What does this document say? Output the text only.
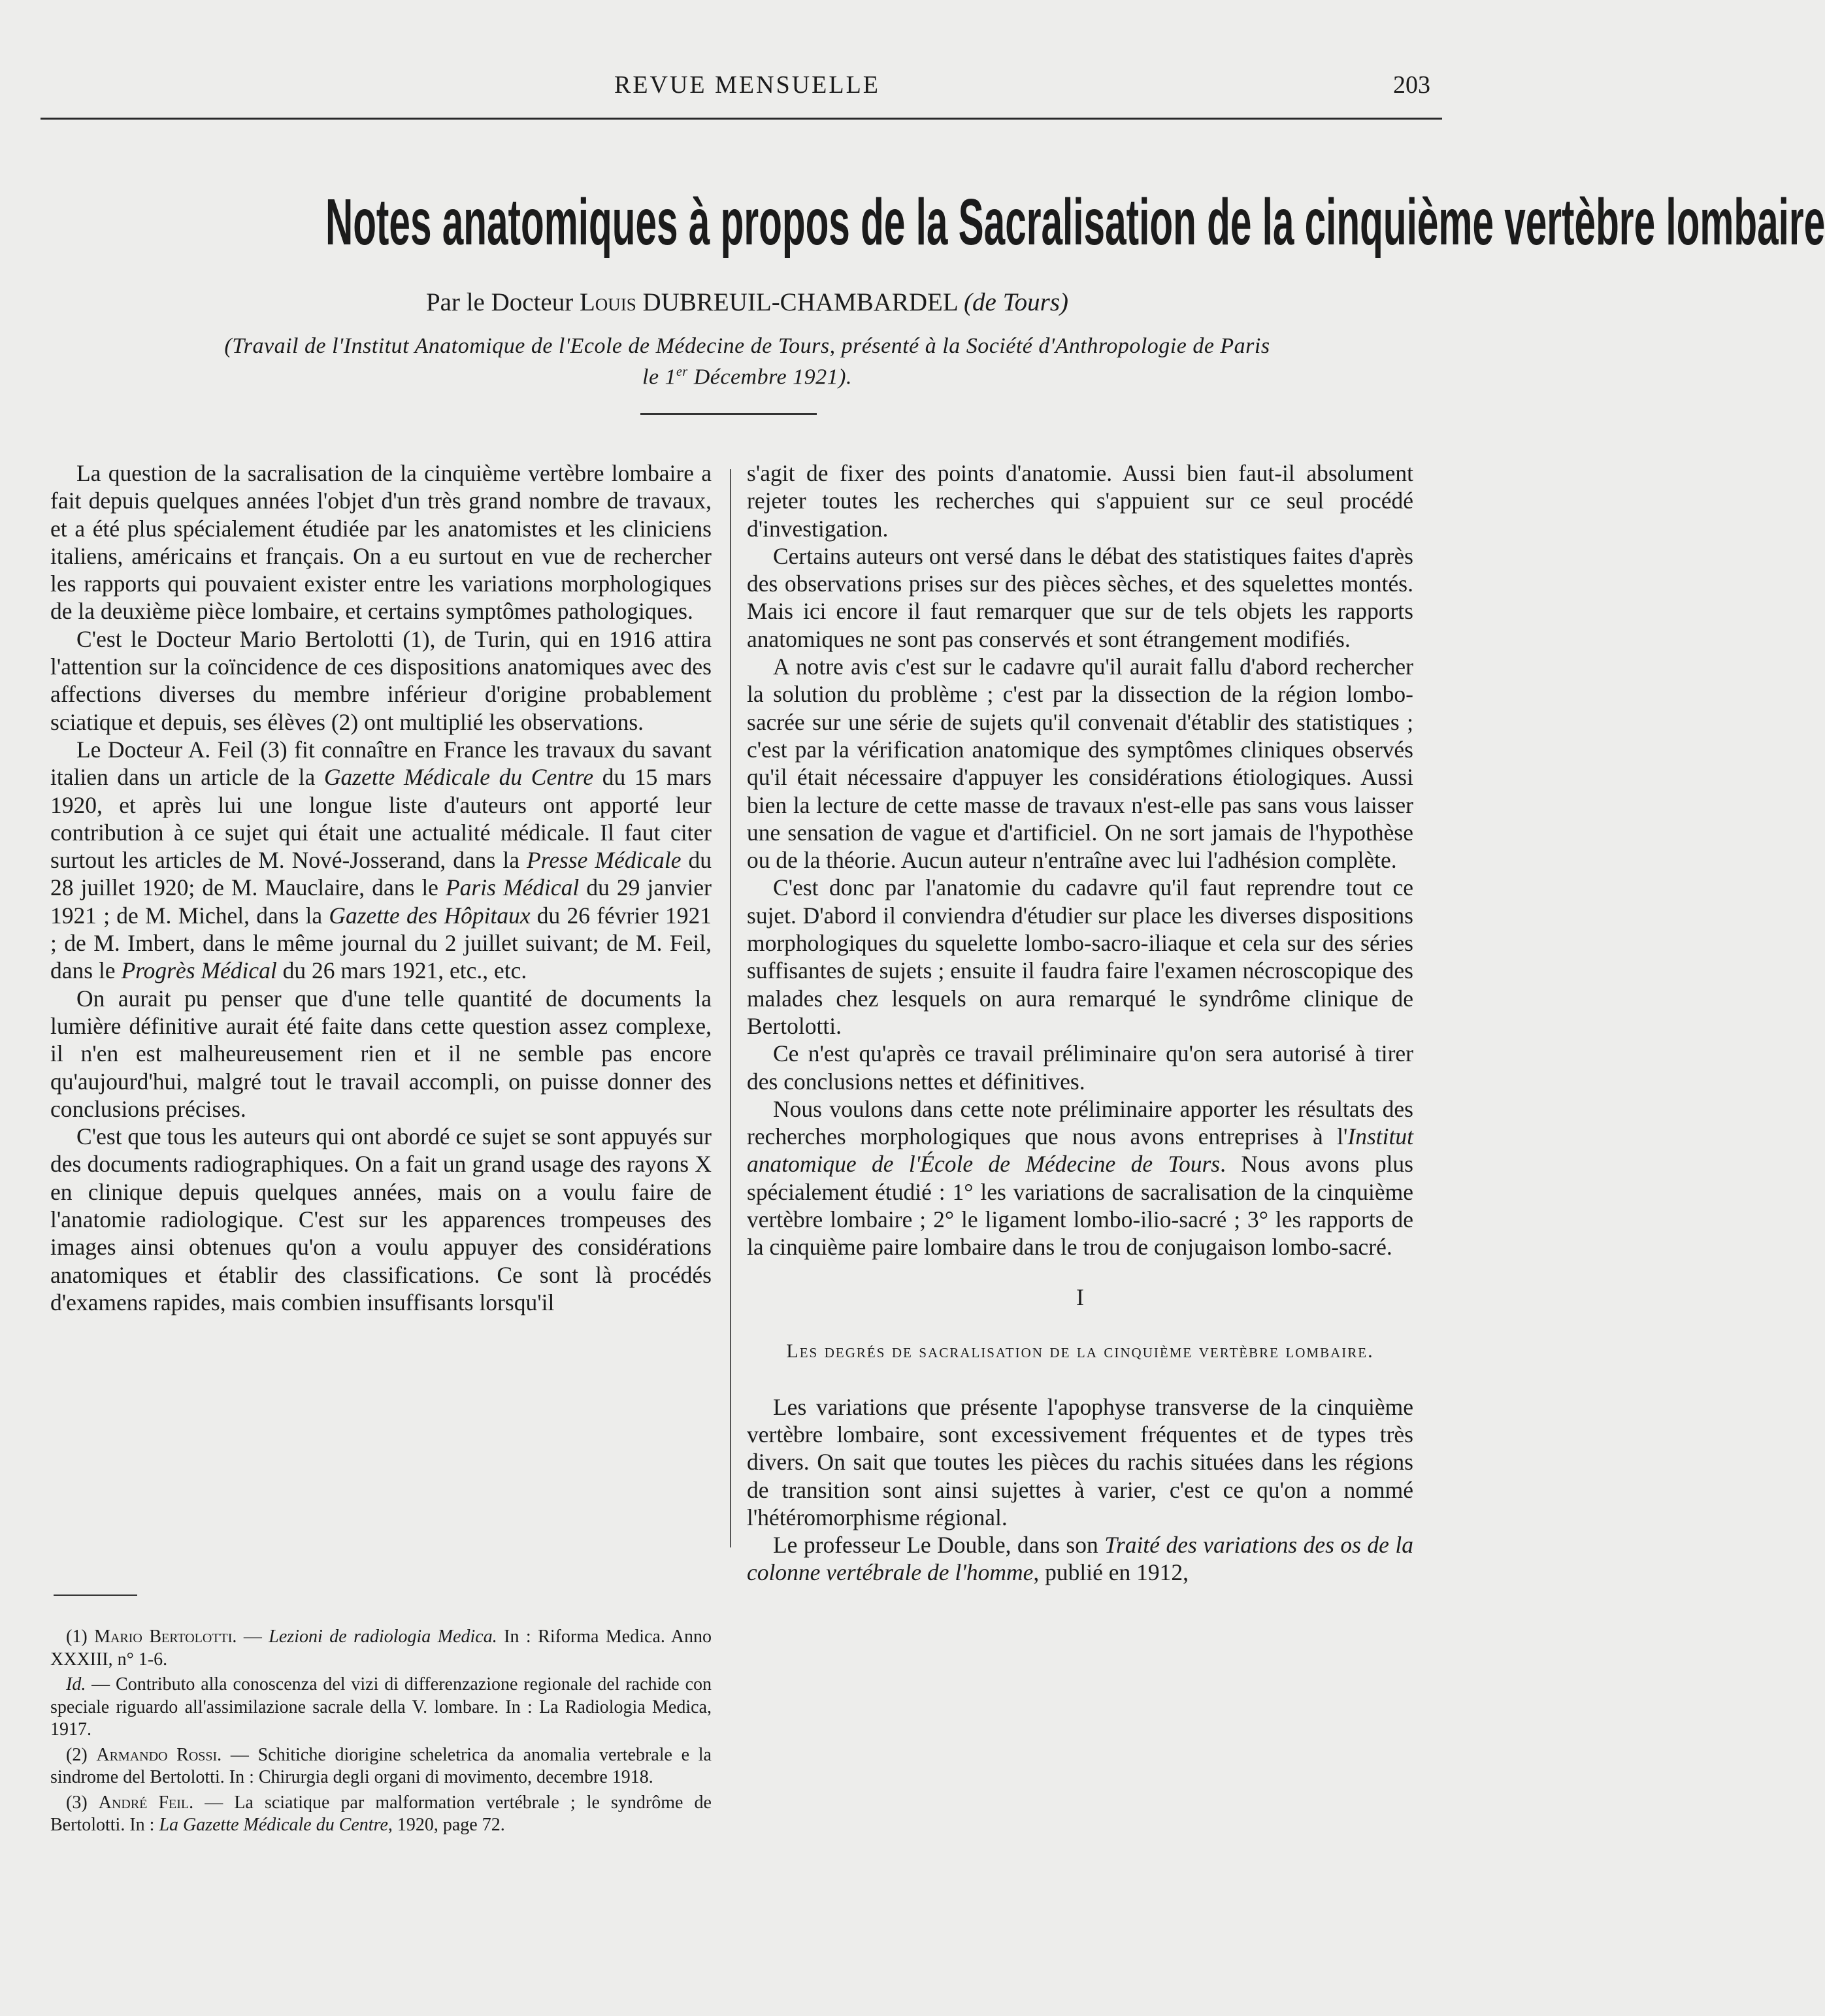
REVUE MENSUELLE	203
Notes anatomiques à propos de la Sacralisation de la cinquième vertèbre lombaire
Par le Docteur Louis DUBREUIL-CHAMBARDEL (de Tours)
(Travail de l'Institut Anatomique de l'Ecole de Médecine de Tours, présenté à la Société d'Anthropologie de Paris
le 1er Décembre 1921).

La question de la sacralisation de la cinquième vertèbre lombaire a fait depuis quelques années l'objet d'un très grand nombre de travaux, et a été plus spécialement étudiée par les anatomistes et les cliniciens italiens, américains et français. On a eu surtout en vue de rechercher les rapports qui pouvaient exister entre les variations morphologiques de la deuxième pièce lombaire, et certains symptômes pathologiques.

C'est le Docteur Mario Bertolotti (1), de Turin, qui en 1916 attira l'attention sur la coïncidence de ces dispositions anatomiques avec des affections diverses du membre inférieur d'origine probablement sciatique et depuis, ses élèves (2) ont multiplié les observations.

Le Docteur A. Feil (3) fit connaître en France les travaux du savant italien dans un article de la Gazette Médicale du Centre du 15 mars 1920, et après lui une longue liste d'auteurs ont apporté leur contribution à ce sujet qui était une actualité médicale. Il faut citer surtout les articles de M. Nové-Josserand, dans la Presse Médicale du 28 juillet 1920; de M. Mauclaire, dans le Paris Médical du 29 janvier 1921 ; de M. Michel, dans la Gazette des Hôpitaux du 26 février 1921 ; de M. Imbert, dans le même journal du 2 juillet suivant; de M. Feil, dans le Progrès Médical du 26 mars 1921, etc., etc.

On aurait pu penser que d'une telle quantité de documents la lumière définitive aurait été faite dans cette question assez complexe, il n'en est malheureusement rien et il ne semble pas encore qu'aujourd'hui, malgré tout le travail accompli, on puisse donner des conclusions précises.

C'est que tous les auteurs qui ont abordé ce sujet se sont appuyés sur des documents radiographiques. On a fait un grand usage des rayons X en clinique depuis quelques années, mais on a voulu faire de l'anatomie radiologique. C'est sur les apparences trompeuses des images ainsi obtenues qu'on a voulu appuyer des considérations anatomiques et établir des classifications. Ce sont là procédés d'examens rapides, mais combien insuffisants lorsqu'il

s'agit de fixer des points d'anatomie. Aussi bien faut-il absolument rejeter toutes les recherches qui s'appuient sur ce seul procédé d'investigation.

Certains auteurs ont versé dans le débat des statistiques faites d'après des observations prises sur des pièces sèches, et des squelettes montés. Mais ici encore il faut remarquer que sur de tels objets les rapports anatomiques ne sont pas conservés et sont étrangement modifiés.

A notre avis c'est sur le cadavre qu'il aurait fallu d'abord rechercher la solution du problème ; c'est par la dissection de la région lombo-sacrée sur une série de sujets qu'il convenait d'établir des statistiques ; c'est par la vérification anatomique des symptômes cliniques observés qu'il était nécessaire d'appuyer les considérations étiologiques. Aussi bien la lecture de cette masse de travaux n'est-elle pas sans vous laisser une sensation de vague et d'artificiel. On ne sort jamais de l'hypothèse ou de la théorie. Aucun auteur n'entraîne avec lui l'adhésion complète.

C'est donc par l'anatomie du cadavre qu'il faut reprendre tout ce sujet. D'abord il conviendra d'étudier sur place les diverses dispositions morphologiques du squelette lombo-sacro-iliaque et cela sur des séries suffisantes de sujets ; ensuite il faudra faire l'examen nécroscopique des malades chez lesquels on aura remarqué le syndrôme clinique de Bertolotti.

Ce n'est qu'après ce travail préliminaire qu'on sera autorisé à tirer des conclusions nettes et définitives.

Nous voulons dans cette note préliminaire apporter les résultats des recherches morphologiques que nous avons entreprises à l'Institut anatomique de l'École de Médecine de Tours. Nous avons plus spécialement étudié : 1° les variations de sacralisation de la cinquième vertèbre lombaire ; 2° le ligament lombo-ilio-sacré ; 3° les rapports de la cinquième paire lombaire dans le trou de conjugaison lombo-sacré.

I
Les degrés de sacralisation de la cinquième vertèbre lombaire.

Les variations que présente l'apophyse transverse de la cinquième vertèbre lombaire, sont excessivement fréquentes et de types très divers. On sait que toutes les pièces du rachis situées dans les régions de transition sont ainsi sujettes à varier, c'est ce qu'on a nommé l'hétéromorphisme régional.

Le professeur Le Double, dans son Traité des variations des os de la colonne vertébrale de l'homme, publié en 1912,

(1) Mario Bertolotti. — Lezioni de radiologia Medica. In : Riforma Medica. Anno XXXIII, n° 1-6.

Id. — Contributo alla conoscenza del vizi di differenzazione regionale del rachide con speciale riguardo all'assimilazione sacrale della V. lombare. In : La Radiologia Medica, 1917.

(2) Armando Rossi. — Schitiche diorigine scheletrica da anomalia vertebrale e la sindrome del Bertolotti. In : Chirurgia degli organi di movimento, decembre 1918.

(3) André Feil. — La sciatique par malformation vertébrale ; le syndrôme de Bertolotti. In : La Gazette Médicale du Centre, 1920, page 72.
